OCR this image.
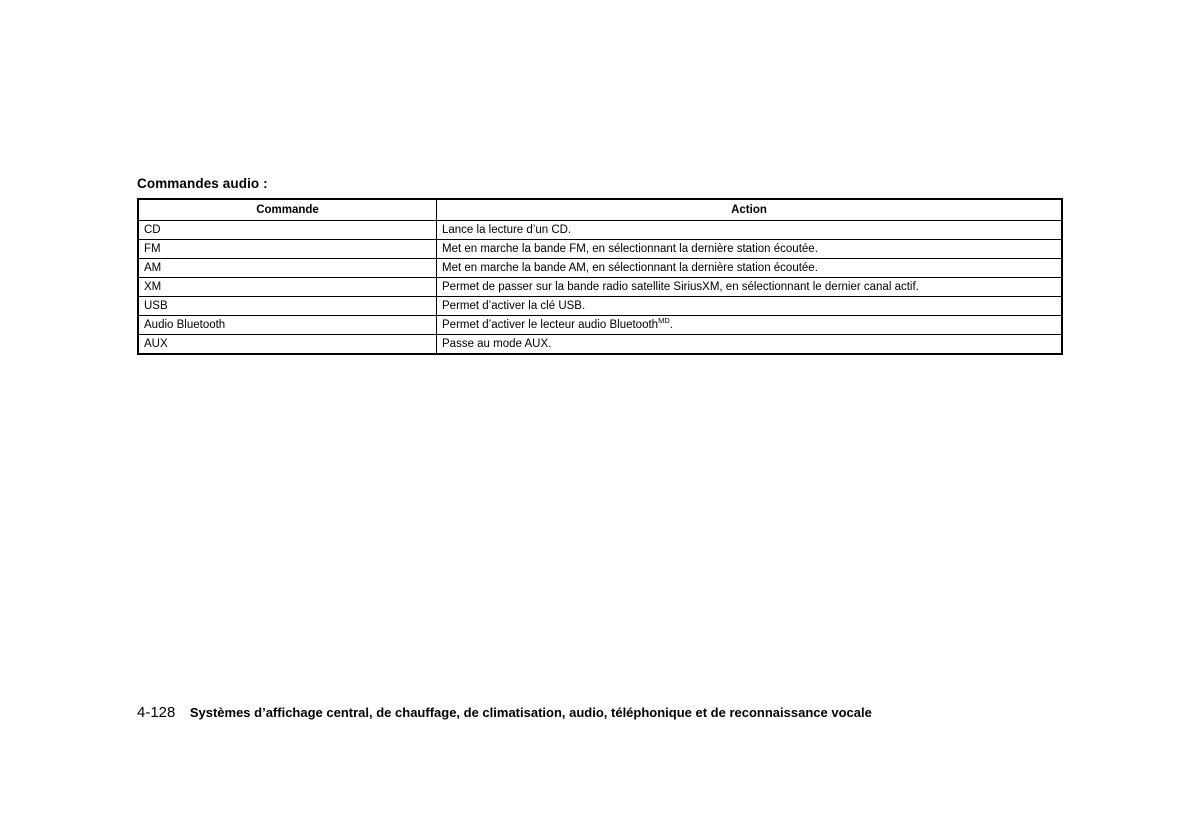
Commandes audio :
Commande	Action
CD	Lance la lecture d’un CD.
FM	Met en marche la bande FM, en sélectionnant la dernière station écoutée.
AM	Met en marche la bande AM, en sélectionnant la dernière station écoutée.
XM	Permet de passer sur la bande radio satellite SiriusXM, en sélectionnant le dernier canal actif.
USB	Permet d’activer la clé USB.
Audio Bluetooth	Permet d’activer le lecteur audio Bluetooth$^{MD}$.
AUX	Passe au mode AUX.
4-128 Systèmes d’affichage central, de chauffage, de climatisation, audio, téléphonique et de reconnaissance vocale
